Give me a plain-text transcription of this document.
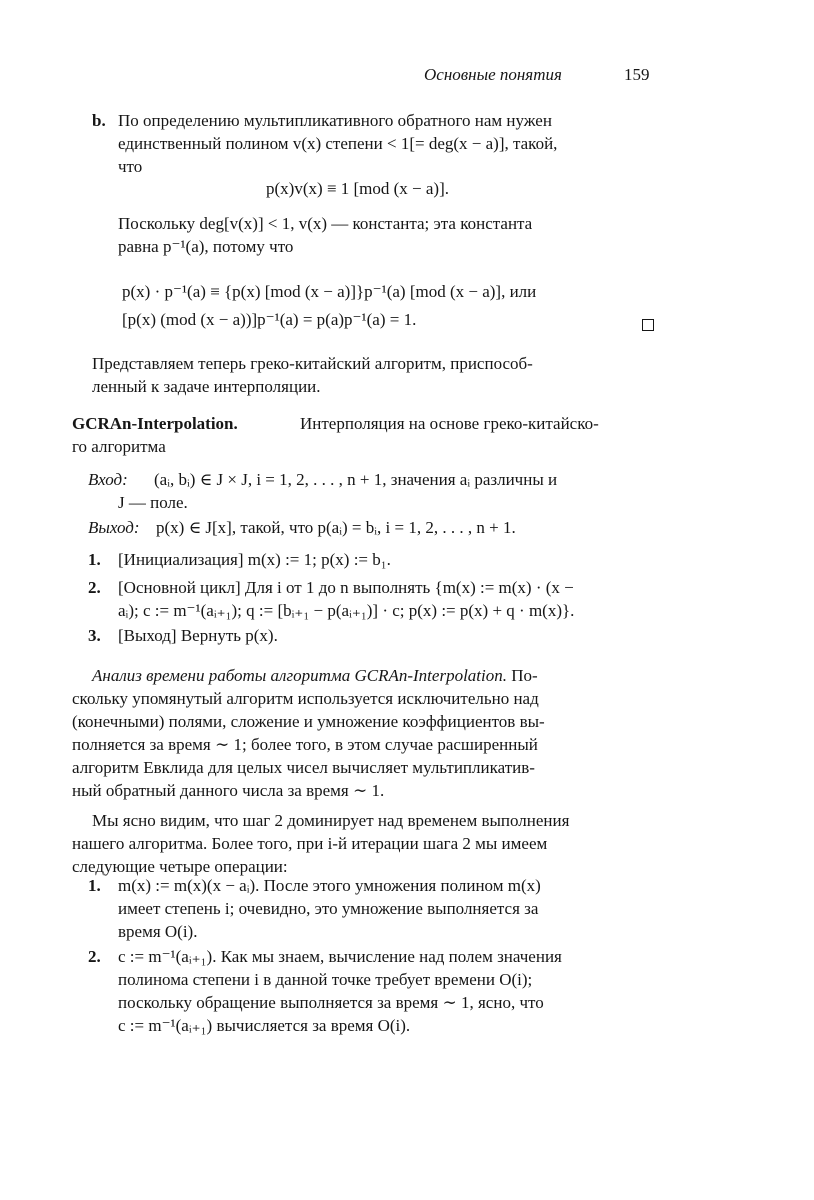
Основные понятия	159
b. По определению мультипликативного обратного нам нужен
единственный полином v(x) степени < 1[= deg(x − a)], такой,
что
p(x)v(x) ≡ 1 [mod (x − a)].
Поскольку deg[v(x)] < 1, v(x) — константа; эта константа
равна p⁻¹(a), потому что
p(x) · p⁻¹(a) ≡ {p(x) [mod (x − a)]}p⁻¹(a) [mod (x − a)], или
[p(x) (mod (x − a))]p⁻¹(a) = p(a)p⁻¹(a) = 1.
Представляем теперь греко-китайский алгоритм, приспособ-
ленный к задаче интерполяции.
GCRAn-Interpolation.	Интерполяция на основе греко-китайско-
го алгоритма
Вход: (aᵢ, bᵢ) ∈ J × J, i = 1, 2, . . . , n + 1, значения aᵢ различны и
J — поле.
Выход: p(x) ∈ J[x], такой, что p(aᵢ) = bᵢ, i = 1, 2, . . . , n + 1.
1. [Инициализация] m(x) := 1; p(x) := b₁.
2. [Основной цикл] Для i от 1 до n выполнять {m(x) := m(x) · (x −
aᵢ); c := m⁻¹(aᵢ₊₁); q := [bᵢ₊₁ − p(aᵢ₊₁)] · c; p(x) := p(x) + q · m(x)}.
3. [Выход] Вернуть p(x).
Анализ времени работы алгоритма GCRAn-Interpolation. По-
скольку упомянутый алгоритм используется исключительно над
(конечными) полями, сложение и умножение коэффициентов вы-
полняется за время ∼ 1; более того, в этом случае расширенный
алгоритм Евклида для целых чисел вычисляет мультипликатив-
ный обратный данного числа за время ∼ 1.
Мы ясно видим, что шаг 2 доминирует над временем выполнения
нашего алгоритма. Более того, при i-й итерации шага 2 мы имеем
следующие четыре операции:
1. m(x) := m(x)(x − aᵢ). После этого умножения полином m(x)
имеет степень i; очевидно, это умножение выполняется за
время O(i).
2. c := m⁻¹(aᵢ₊₁). Как мы знаем, вычисление над полем значения
полинома степени i в данной точке требует времени O(i);
поскольку обращение выполняется за время ∼ 1, ясно, что
c := m⁻¹(aᵢ₊₁) вычисляется за время O(i).
